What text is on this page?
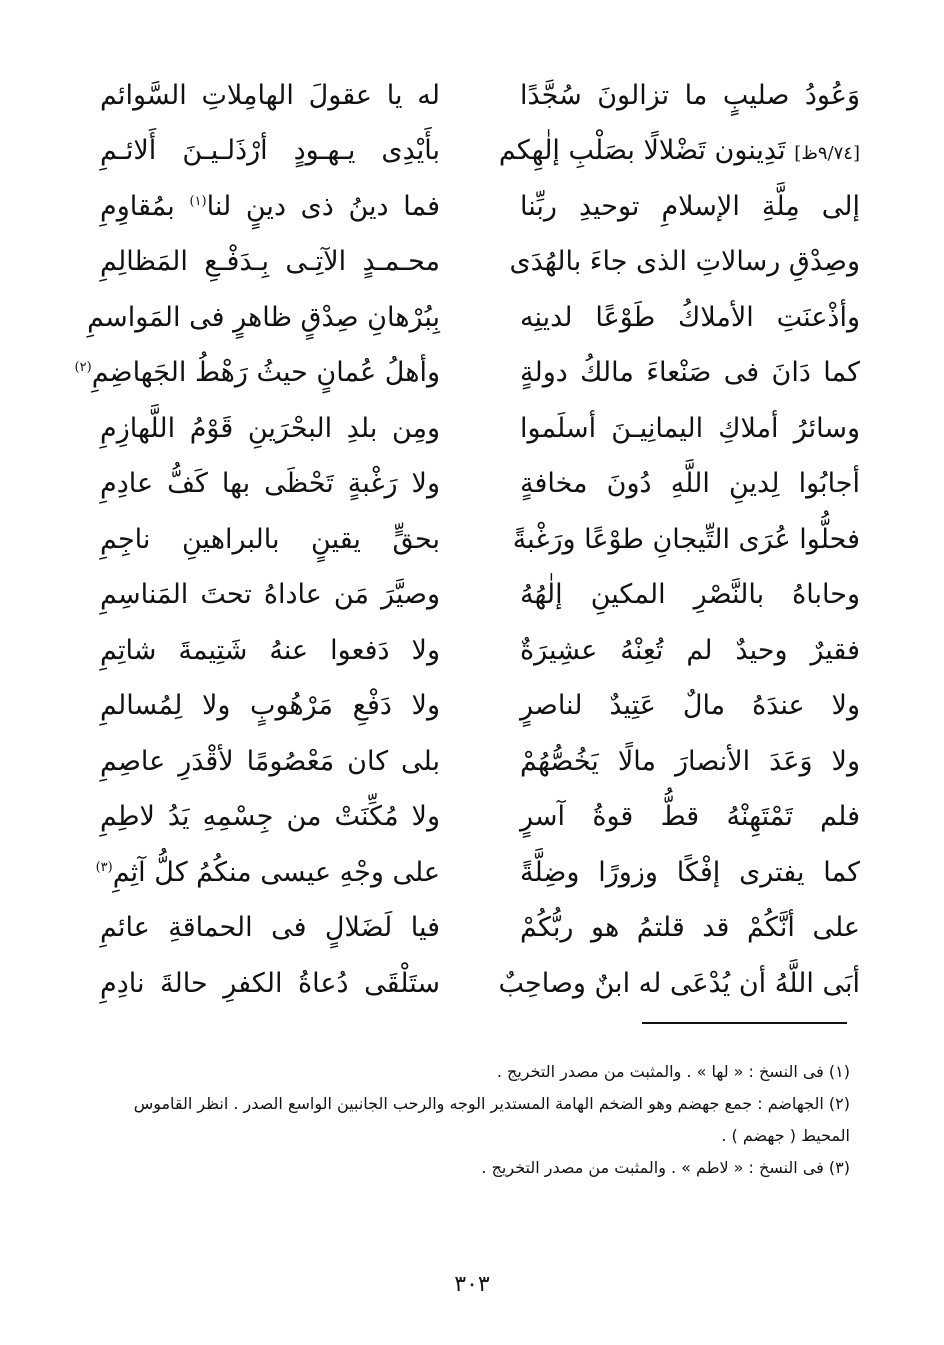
وَعُودُ صليبٍ ما تزالونَ سُجَّدًا
له يا عقولَ الهامِلاتِ السَّوائم
[٩/٧٤ظ] تَدِينون تَضْلالًا بصَلْبِ إلٰهِكم
بأَيْدِى يـهـودٍ أرْذَلـيـنَ أَلائـمِ
إلى مِلَّةِ الإسلامِ توحيدِ ربِّنا
فما دينُ ذى دينٍ لنا$^{(١)}$ بمُقاوِمِ
وصِدْقِ رسالاتِ الذى جاءَ بالهُدَى
محـمـدٍ الآتِـى بِـدَفْـعِ المَظالِمِ
وأذْعنَتِ الأملاكُ طَوْعًا لدينِه
بِبُرْهانِ صِدْقٍ ظاهرٍ فى المَواسمِ
كما دَانَ فى صَنْعاءَ مالكُ دولةٍ
وأهلُ عُمانٍ حيثُ رَهْطُ الجَهاضِمِ$^{(٢)}$
وسائرُ أملاكِ اليمانِيـنَ أسلَموا
ومِن بلدِ البحْرَينِ قَوْمُ اللَّهازِمِ
أجابُوا لِدينِ اللَّهِ دُونَ مخافةٍ
ولا رَغْبةٍ تَحْظَى بها كَفُّ عادِمِ
فحلُّوا عُرَى التِّيجانِ طوْعًا ورَغْبةً
بحقٍّ يقينٍ بالبراهينِ ناجِمِ
وحاباهُ بالنَّصْرِ المكينِ إلٰهُهُ
وصيَّرَ مَن عاداهُ تحتَ المَناسِمِ
فقيرٌ وحيدٌ لم تُعِنْهُ عشِيرَةٌ
ولا دَفعوا عنهُ شَتِيمةَ شاتِمِ
ولا عندَهُ مالٌ عَتِيدٌ لناصرٍ
ولا دَفْعِ مَرْهُوبٍ ولا لِمُسالمِ
ولا وَعَدَ الأنصارَ مالًا يَخُصُّهُمْ
بلى كان مَعْصُومًا لأقْدَرِ عاصِمِ
فلم تَمْتَهِنْهُ قطُّ قوةُ آسرٍ
ولا مُكِّنَتْ من جِسْمِهِ يَدُ لاطِمِ
كما يفترى إفْكًا وزورًا وضِلَّةً
على وجْهِ عيسى منكُمُ كلُّ آثِمِ$^{(٣)}$
على أنَّكُمْ قد قلتمُ هو ربُّكُمْ
فيا لَضَلالٍ فى الحماقةِ عائمِ
أبَى اللَّهُ أن يُدْعَى له ابنٌ وصاحِبٌ
ستَلْقَى دُعاةُ الكفرِ حالةَ نادِمِ

(١) فى النسخ : « لها » . والمثبت من مصدر التخريج .

(٢) الجهاضم : جمع جهضم وهو الضخم الهامة المستدير الوجه والرحب الجانبين الواسع الصدر . انظر القاموس المحيط ( جهضم ) .

(٣) فى النسخ : « لاطم » . والمثبت من مصدر التخريج .

٣٠٣
